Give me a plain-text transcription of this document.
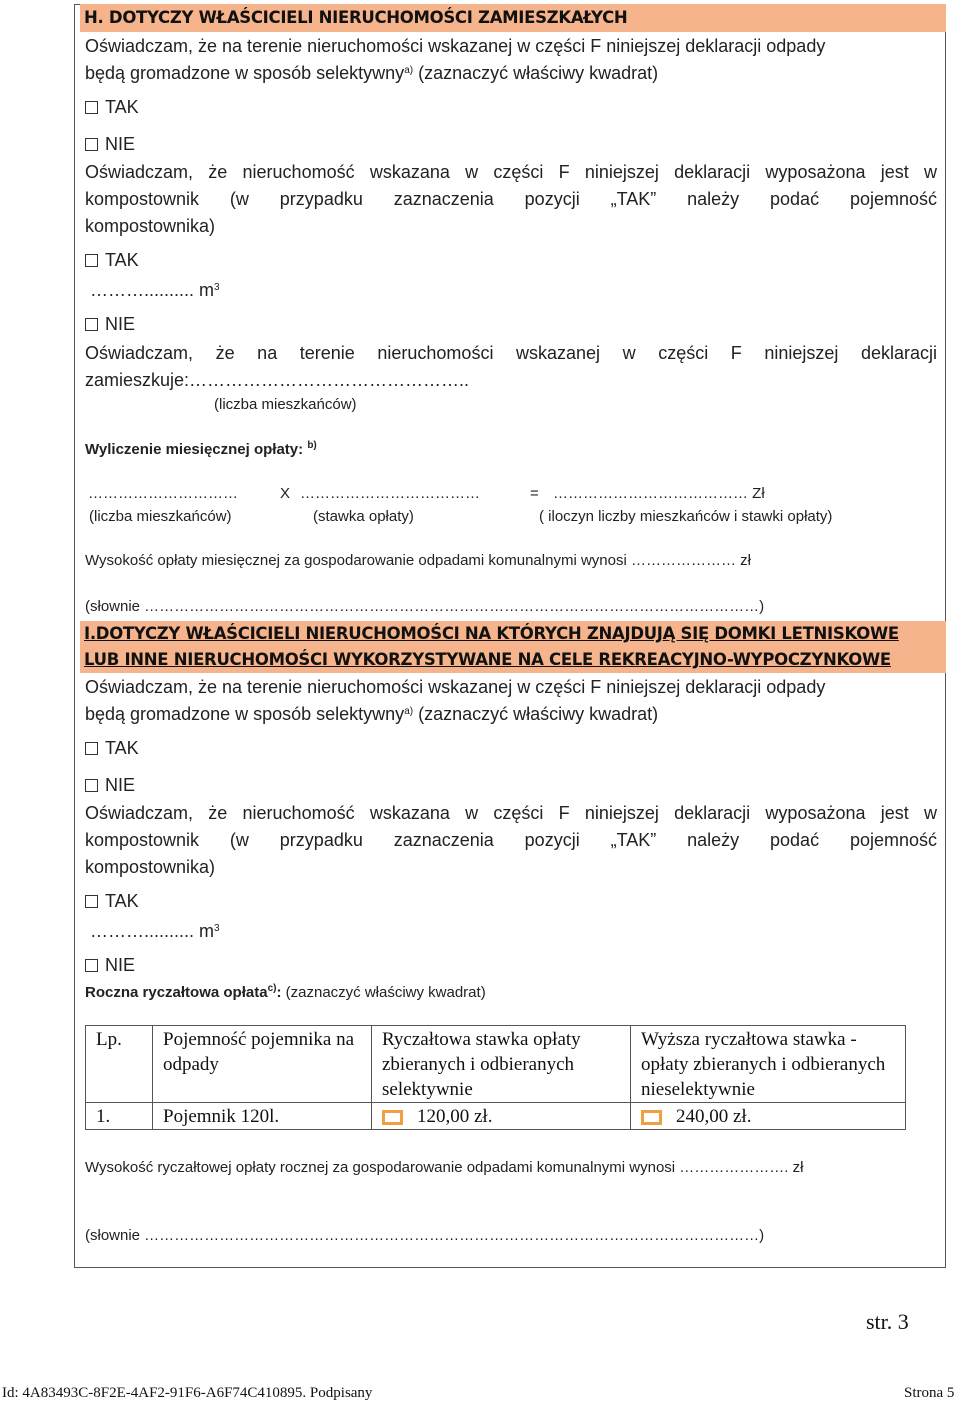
H. DOTYCZY WŁAŚCICIELI NIERUCHOMOŚCI ZAMIESZKAŁYCH
Oświadczam, że na terenie nieruchomości wskazanej w części F niniejszej deklaracji odpady
będą gromadzone w sposób selektywny$^{a)}$ (zaznaczyć właściwy kwadrat)
TAK
NIE
Oświadczam, że nieruchomość wskazana w części F niniejszej deklaracji wyposażona jest w
kompostownik (w przypadku zaznaczenia pozycji „TAK” należy podać pojemność
kompostownika)
TAK
……….......... $m^3$
NIE
Oświadczam, że na terenie nieruchomości wskazanej w części F niniejszej deklaracji
zamieszkuje:………………………………………..
(liczba mieszkańców)
Wyliczenie miesięcznej opłaty: $^{b)}$
…………………………	X ………………………………	= ………………………………… Zł
(liczba mieszkańców)	(stawka opłaty)	( iloczyn liczby mieszkańców i stawki opłaty)
Wysokość opłaty miesięcznej za gospodarowanie odpadami komunalnymi wynosi ………………… zł
(słownie ……………………………………………………………………………………………………………)
I.DOTYCZY WŁAŚCICIELI NIERUCHOMOŚCI NA KTÓRYCH ZNAJDUJĄ SIĘ DOMKI LETNISKOWE
LUB INNE NIERUCHOMOŚCI WYKORZYSTYWANE NA CELE REKREACYJNO-WYPOCZYNKOWE
Oświadczam, że na terenie nieruchomości wskazanej w części F niniejszej deklaracji odpady
będą gromadzone w sposób selektywny$^{a)}$ (zaznaczyć właściwy kwadrat)
TAK
NIE
Oświadczam, że nieruchomość wskazana w części F niniejszej deklaracji wyposażona jest w
kompostownik (w przypadku zaznaczenia pozycji „TAK” należy podać pojemność
kompostownika)
TAK
……….......... $m^3$
NIE
Roczna ryczałtowa opłata$^{c)}$: (zaznaczyć właściwy kwadrat)
Lp.	Pojemność pojemnika na odpady	Ryczałtowa stawka opłaty zbieranych i odbieranych selektywnie	Wyższa ryczałtowa stawka - opłaty zbieranych i odbieranych nieselektywnie
1.	Pojemnik 120l.	120,00 zł.	240,00 zł.
Wysokość ryczałtowej opłaty rocznej za gospodarowanie odpadami komunalnymi wynosi …………………. zł
(słownie ……………………………………………………………………………………………………………)
str. 3
Id: 4A83493C-8F2E-4AF2-91F6-A6F74C410895. Podpisany	Strona 5
